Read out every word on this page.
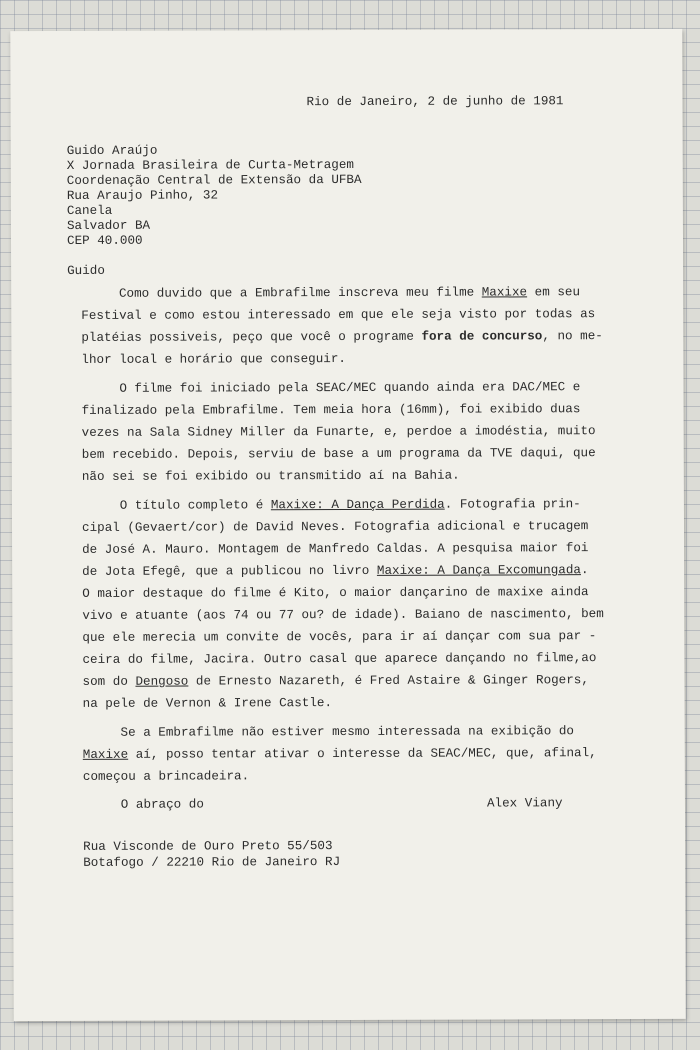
Rio de Janeiro, 2 de junho de 1981
Guido Araújo
X Jornada Brasileira de Curta-Metragem
Coordenação Central de Extensão da UFBA
Rua Araujo Pinho, 32
Canela
Salvador BA
CEP 40.000
Guido
Como duvido que a Embrafilme inscreva meu filme Maxixe em seu
Festival e como estou interessado em que ele seja visto por todas as
platéias possiveis, peço que você o programe fora de concurso, no me-
lhor local e horário que conseguir.
O filme foi iniciado pela SEAC/MEC quando ainda era DAC/MEC e
finalizado pela Embrafilme. Tem meia hora (16mm), foi exibido duas
vezes na Sala Sidney Miller da Funarte, e, perdoe a imodéstia, muito
bem recebido. Depois, serviu de base a um programa da TVE daqui, que
não sei se foi exibido ou transmitido aí na Bahia.
O título completo é Maxixe: A Dança Perdida. Fotografia prin-
cipal (Gevaert/cor) de David Neves. Fotografia adicional e trucagem
de José A. Mauro. Montagem de Manfredo Caldas. A pesquisa maior foi
de Jota Efegê, que a publicou no livro Maxixe: A Dança Excomungada.
O maior destaque do filme é Kito, o maior dançarino de maxixe ainda
vivo e atuante (aos 74 ou 77 ou? de idade). Baiano de nascimento, bem
que ele merecia um convite de vocês, para ir aí dançar com sua par -
ceira do filme, Jacira. Outro casal que aparece dançando no filme,ao
som do Dengoso de Ernesto Nazareth, é Fred Astaire & Ginger Rogers,
na pele de Vernon & Irene Castle.
Se a Embrafilme não estiver mesmo interessada na exibição do
Maxixe aí, posso tentar ativar o interesse da SEAC/MEC, que, afinal,
começou a brincadeira.
O abraço do	Alex Viany
Rua Visconde de Ouro Preto 55/503
Botafogo / 22210 Rio de Janeiro RJ
